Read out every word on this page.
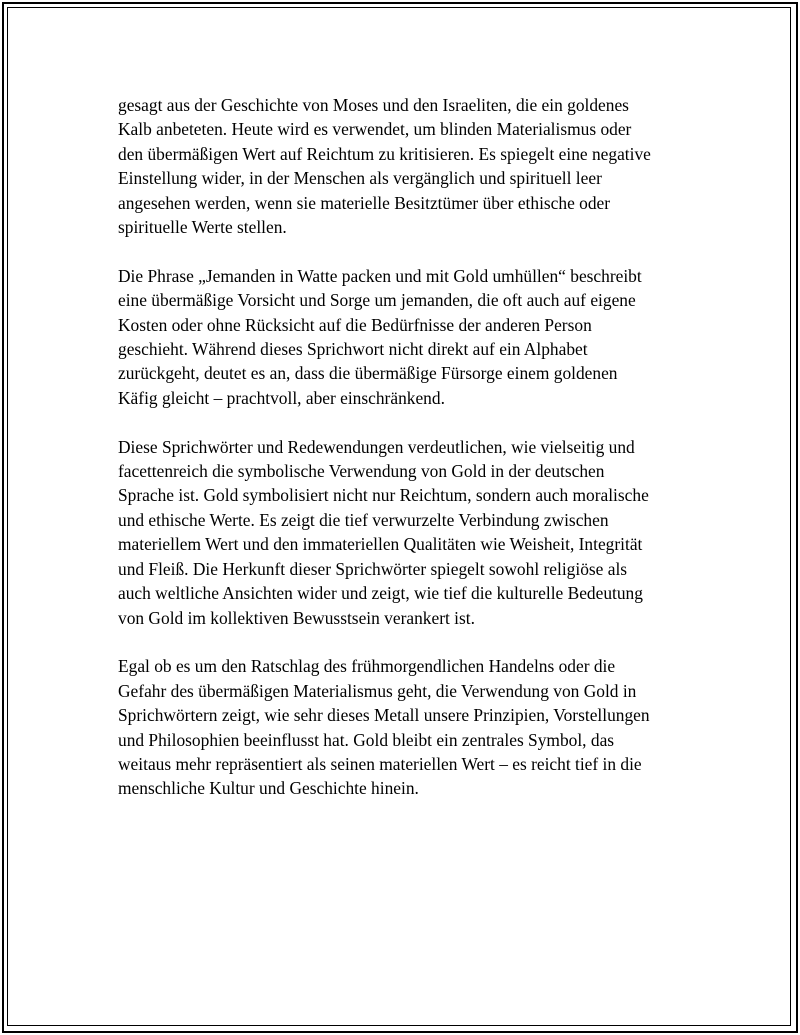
gesagt aus der Geschichte von Moses und den Israeliten, die ein goldenes
Kalb anbeteten. Heute wird es verwendet, um blinden Materialismus oder
den übermäßigen Wert auf Reichtum zu kritisieren. Es spiegelt eine negative
Einstellung wider, in der Menschen als vergänglich und spirituell leer
angesehen werden, wenn sie materielle Besitztümer über ethische oder
spirituelle Werte stellen.

Die Phrase „Jemanden in Watte packen und mit Gold umhüllen“ beschreibt
eine übermäßige Vorsicht und Sorge um jemanden, die oft auch auf eigene
Kosten oder ohne Rücksicht auf die Bedürfnisse der anderen Person
geschieht. Während dieses Sprichwort nicht direkt auf ein Alphabet
zurückgeht, deutet es an, dass die übermäßige Fürsorge einem goldenen
Käfig gleicht – prachtvoll, aber einschränkend.

Diese Sprichwörter und Redewendungen verdeutlichen, wie vielseitig und
facettenreich die symbolische Verwendung von Gold in der deutschen
Sprache ist. Gold symbolisiert nicht nur Reichtum, sondern auch moralische
und ethische Werte. Es zeigt die tief verwurzelte Verbindung zwischen
materiellem Wert und den immateriellen Qualitäten wie Weisheit, Integrität
und Fleiß. Die Herkunft dieser Sprichwörter spiegelt sowohl religiöse als
auch weltliche Ansichten wider und zeigt, wie tief die kulturelle Bedeutung
von Gold im kollektiven Bewusstsein verankert ist.

Egal ob es um den Ratschlag des frühmorgendlichen Handelns oder die
Gefahr des übermäßigen Materialismus geht, die Verwendung von Gold in
Sprichwörtern zeigt, wie sehr dieses Metall unsere Prinzipien, Vorstellungen
und Philosophien beeinflusst hat. Gold bleibt ein zentrales Symbol, das
weitaus mehr repräsentiert als seinen materiellen Wert – es reicht tief in die
menschliche Kultur und Geschichte hinein.
